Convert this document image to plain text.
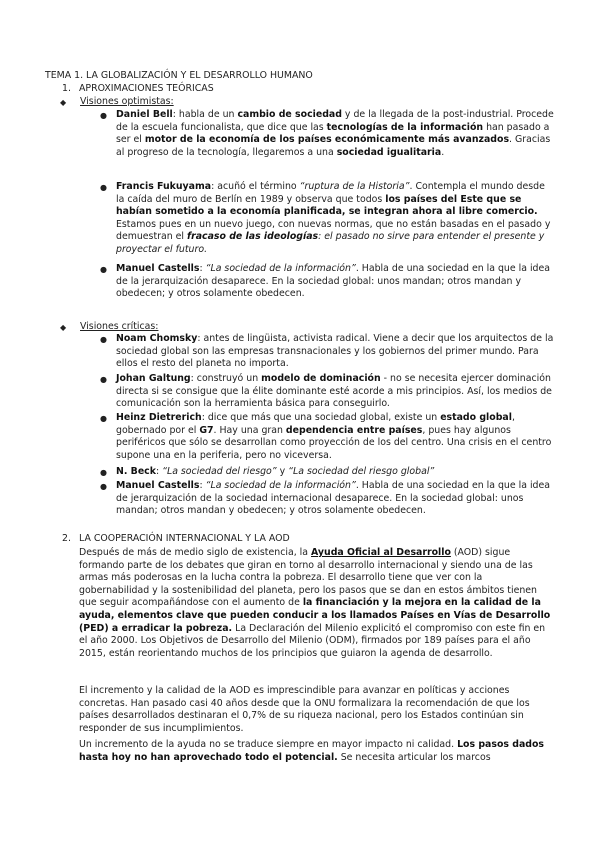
TEMA 1. LA GLOBALIZACIÓN Y EL DESARROLLO HUMANO
1. APROXIMACIONES TEÓRICAS
◆ Visiones optimistas:
● Daniel Bell: habla de un cambio de sociedad y de la llegada de la post-industrial. Procede de la escuela funcionalista, que dice que las tecnologías de la información han pasado a ser el motor de la economía de los países económicamente más avanzados. Gracias al progreso de la tecnología, llegaremos a una sociedad igualitaria.
● Francis Fukuyama: acuñó el término “ruptura de la Historia”. Contempla el mundo desde la caída del muro de Berlín en 1989 y observa que todos los países del Este que se habían sometido a la economía planificada, se integran ahora al libre comercio. Estamos pues en un nuevo juego, con nuevas normas, que no están basadas en el pasado y demuestran el fracaso de las ideologías: el pasado no sirve para entender el presente y proyectar el futuro.
● Manuel Castells: “La sociedad de la información”. Habla de una sociedad en la que la idea de la jerarquización desaparece. En la sociedad global: unos mandan; otros mandan y obedecen; y otros solamente obedecen.
◆ Visiones críticas:
● Noam Chomsky: antes de lingüista, activista radical. Viene a decir que los arquitectos de la sociedad global son las empresas transnacionales y los gobiernos del primer mundo. Para ellos el resto del planeta no importa.
● Johan Galtung: construyó un modelo de dominación - no se necesita ejercer dominación directa si se consigue que la élite dominante esté acorde a mis principios. Así, los medios de comunicación son la herramienta básica para conseguirlo.
● Heinz Dietrerich: dice que más que una sociedad global, existe un estado global, gobernado por el G7. Hay una gran dependencia entre países, pues hay algunos periféricos que sólo se desarrollan como proyección de los del centro. Una crisis en el centro supone una en la periferia, pero no viceversa.
● N. Beck: “La sociedad del riesgo” y “La sociedad del riesgo global”
● Manuel Castells: “La sociedad de la información”. Habla de una sociedad en la que la idea de jerarquización de la sociedad internacional desaparece. En la sociedad global: unos mandan; otros mandan y obedecen; y otros solamente obedecen.
2. LA COOPERACIÓN INTERNACIONAL Y LA AOD
Después de más de medio siglo de existencia, la Ayuda Oficial al Desarrollo (AOD) sigue formando parte de los debates que giran en torno al desarrollo internacional y siendo una de las armas más poderosas en la lucha contra la pobreza. El desarrollo tiene que ver con la gobernabilidad y la sostenibilidad del planeta, pero los pasos que se dan en estos ámbitos tienen que seguir acompañándose con el aumento de la financiación y la mejora en la calidad de la ayuda, elementos clave que pueden conducir a los llamados Países en Vías de Desarrollo (PED) a erradicar la pobreza. La Declaración del Milenio explicitó el compromiso con este fin en el año 2000. Los Objetivos de Desarrollo del Milenio (ODM), firmados por 189 países para el año 2015, están reorientando muchos de los principios que guiaron la agenda de desarrollo.
El incremento y la calidad de la AOD es imprescindible para avanzar en políticas y acciones concretas. Han pasado casi 40 años desde que la ONU formalizara la recomendación de que los países desarrollados destinaran el 0,7% de su riqueza nacional, pero los Estados continúan sin responder de sus incumplimientos.
Un incremento de la ayuda no se traduce siempre en mayor impacto ni calidad. Los pasos dados hasta hoy no han aprovechado todo el potencial. Se necesita articular los marcos
